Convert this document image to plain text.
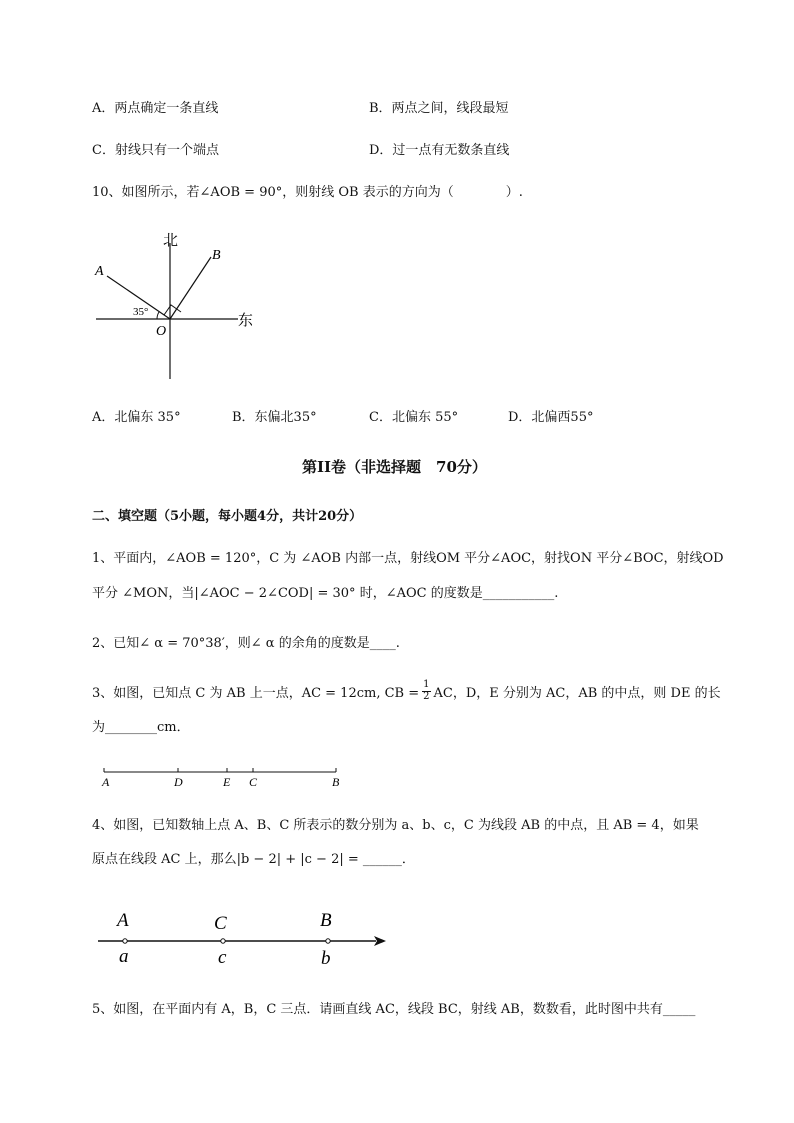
A．两点确定一条直线	B．两点之间，线段最短
C．射线只有一个端点	D．过一点有无数条直线
10、如图所示，若∠AOB = 90°，则射线 OB 表示的方向为（　　　　）.
北
东
A
B
O
35°
A．北偏东 35°	B．东偏北35°	C．北偏东 55°	D．北偏西55°
第II卷（非选择题　70分）
二、填空题（5小题，每小题4分，共计20分）
1、平面内，∠AOB = 120°，C 为 ∠AOB 内部一点，射线OM 平分∠AOC，射找ON 平分∠BOC，射线OD
平分 ∠MON，当|∠AOC − 2∠COD| = 30° 时，∠AOC 的度数是___________.
2、已知∠ α = 70°38′，则∠ α 的余角的度数是____.
3、如图，已知点 C 为 AB 上一点，AC = 12cm, CB = $\frac{1}{2}$ AC，D，E 分别为 AC，AB 的中点，则 DE 的长
为________cm．
A	D	E C	B
4、如图，已知数轴上点 A、B、C 所表示的数分别为 a、b、c，C 为线段 AB 的中点，且 AB = 4，如果
原点在线段 AC 上，那么|b − 2| + |c − 2| = ______．
A	C	B
a	c	b
5、如图，在平面内有 A，B，C 三点．请画直线 AC，线段 BC，射线 AB，数数看，此时图中共有_____
